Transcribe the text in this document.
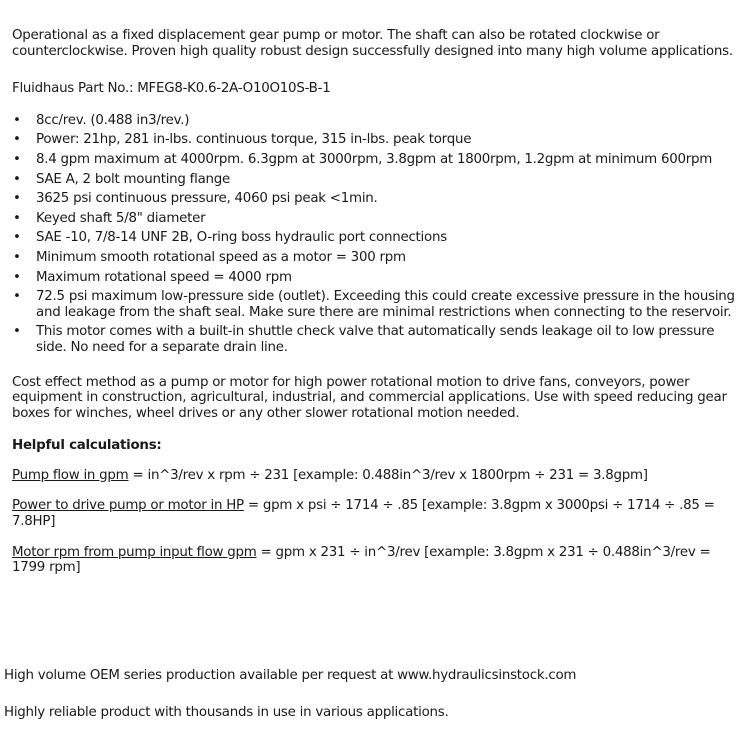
Operational as a fixed displacement gear pump or motor. The shaft can also be rotated clockwise or counterclockwise. Proven high quality robust design successfully designed into many high volume applications.

Fluidhaus Part No.: MFEG8-K0.6-2A-O10O10S-B-1

• 8cc/rev. (0.488 in3/rev.)
• Power: 21hp, 281 in-lbs. continuous torque, 315 in-lbs. peak torque
• 8.4 gpm maximum at 4000rpm. 6.3gpm at 3000rpm, 3.8gpm at 1800rpm, 1.2gpm at minimum 600rpm
• SAE A, 2 bolt mounting flange
• 3625 psi continuous pressure, 4060 psi peak <1min.
• Keyed shaft 5/8" diameter
• SAE -10, 7/8-14 UNF 2B, O-ring boss hydraulic port connections
• Minimum smooth rotational speed as a motor = 300 rpm
• Maximum rotational speed = 4000 rpm
• 72.5 psi maximum low-pressure side (outlet). Exceeding this could create excessive pressure in the housing and leakage from the shaft seal. Make sure there are minimal restrictions when connecting to the reservoir.
• This motor comes with a built-in shuttle check valve that automatically sends leakage oil to low pressure side. No need for a separate drain line.

Cost effect method as a pump or motor for high power rotational motion to drive fans, conveyors, power equipment in construction, agricultural, industrial, and commercial applications. Use with speed reducing gear boxes for winches, wheel drives or any other slower rotational motion needed.

Helpful calculations:

Pump flow in gpm = in^3/rev x rpm ÷ 231 [example: 0.488in^3/rev x 1800rpm ÷ 231 = 3.8gpm]

Power to drive pump or motor in HP = gpm x psi ÷ 1714 ÷ .85 [example: 3.8gpm x 3000psi ÷ 1714 ÷ .85 = 7.8HP]

Motor rpm from pump input flow gpm = gpm x 231 ÷ in^3/rev [example: 3.8gpm x 231 ÷ 0.488in^3/rev = 1799 rpm]

High volume OEM series production available per request at www.hydraulicsinstock.com

Highly reliable product with thousands in use in various applications.
